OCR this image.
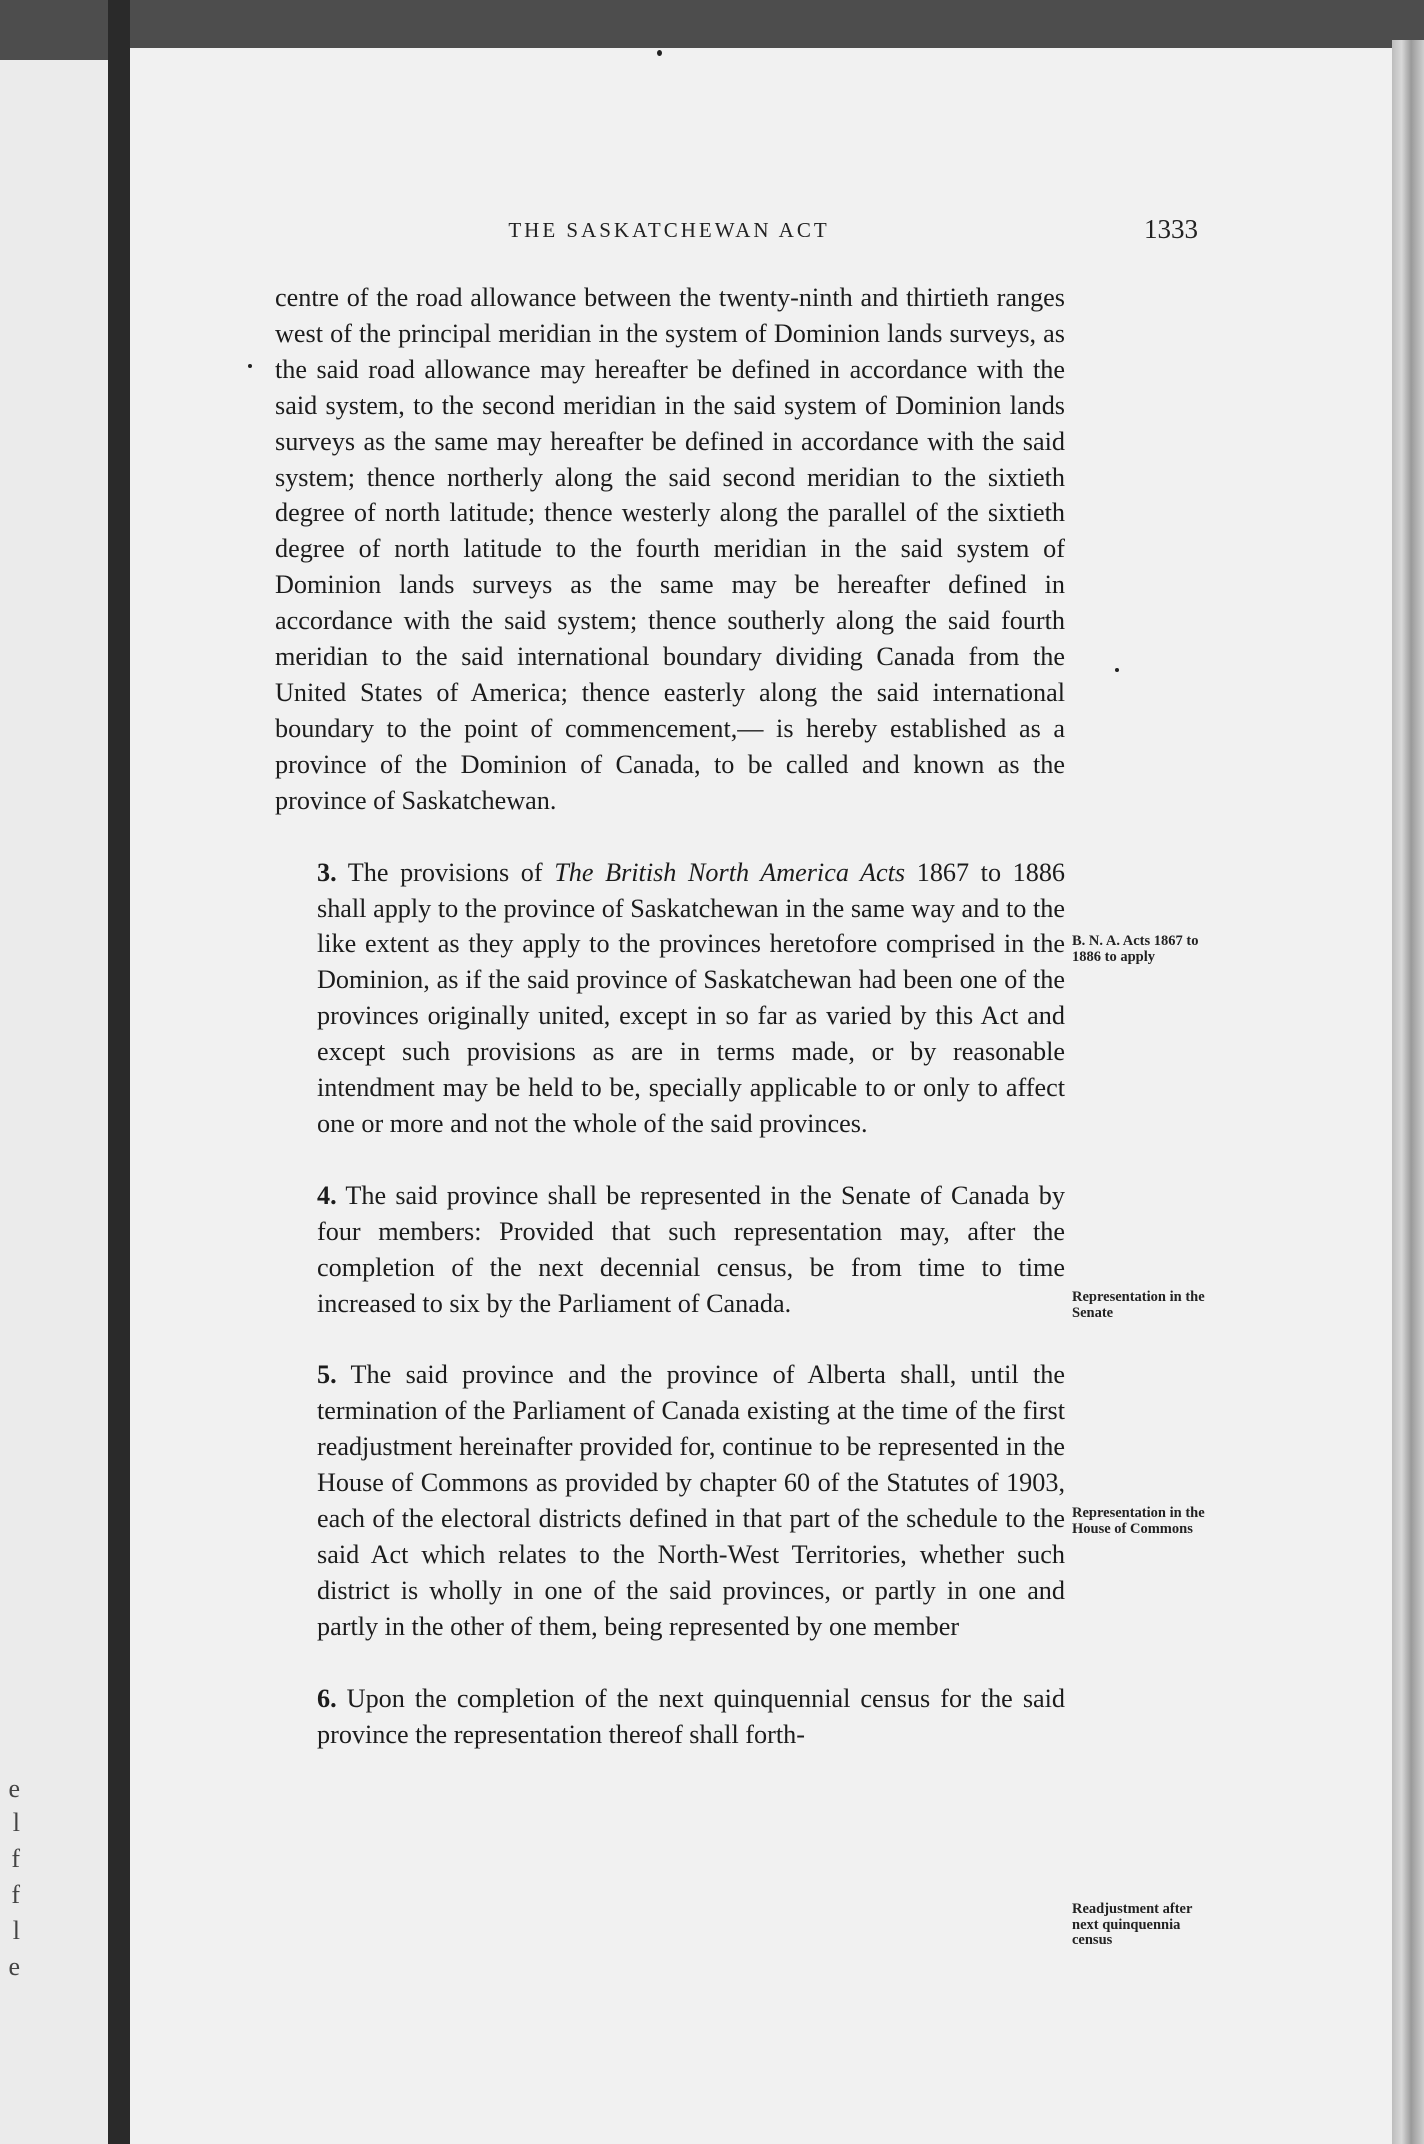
e
l
f
f
l
e
THE SASKATCHEWAN ACT	1333

centre of the road allowance between the twenty-ninth and thirtieth ranges west of the principal meridian in the system of Dominion lands surveys, as the said road allowance may hereafter be defined in accordance with the said system, to the second meridian in the said system of Dominion lands surveys as the same may hereafter be defined in accordance with the said system; thence northerly along the said second meridian to the sixtieth degree of north latitude; thence westerly along the parallel of the sixtieth degree of north latitude to the fourth meridian in the said system of Dominion lands surveys as the same may be hereafter defined in accordance with the said system; thence southerly along the said fourth meridian to the said international boundary dividing Canada from the United States of America; thence easterly along the said international boundary to the point of commencement,— is hereby established as a province of the Dominion of Canada, to be called and known as the province of Saskatchewan.

3. The provisions of The British North America Acts 1867 to 1886 shall apply to the province of Saskatchewan in the same way and to the like extent as they apply to the provinces heretofore comprised in the Dominion, as if the said province of Saskatchewan had been one of the provinces originally united, except in so far as varied by this Act and except such provisions as are in terms made, or by reasonable intendment may be held to be, specially applicable to or only to affect one or more and not the whole of the said provinces.

4. The said province shall be represented in the Senate of Canada by four members: Provided that such representation may, after the completion of the next decennial census, be from time to time increased to six by the Parliament of Canada.

5. The said province and the province of Alberta shall, until the termination of the Parliament of Canada existing at the time of the first readjustment hereinafter provided for, continue to be represented in the House of Commons as provided by chapter 60 of the Statutes of 1903, each of the electoral districts defined in that part of the schedule to the said Act which relates to the North-West Territories, whether such district is wholly in one of the said provinces, or partly in one and partly in the other of them, being represented by one member

6. Upon the completion of the next quinquennial census for the said province the representation thereof shall forth-

B. N. A. Acts 1867 to 1886 to apply
Representation in the Senate
Representation in the House of Commons
Readjustment after next quinquennia census
